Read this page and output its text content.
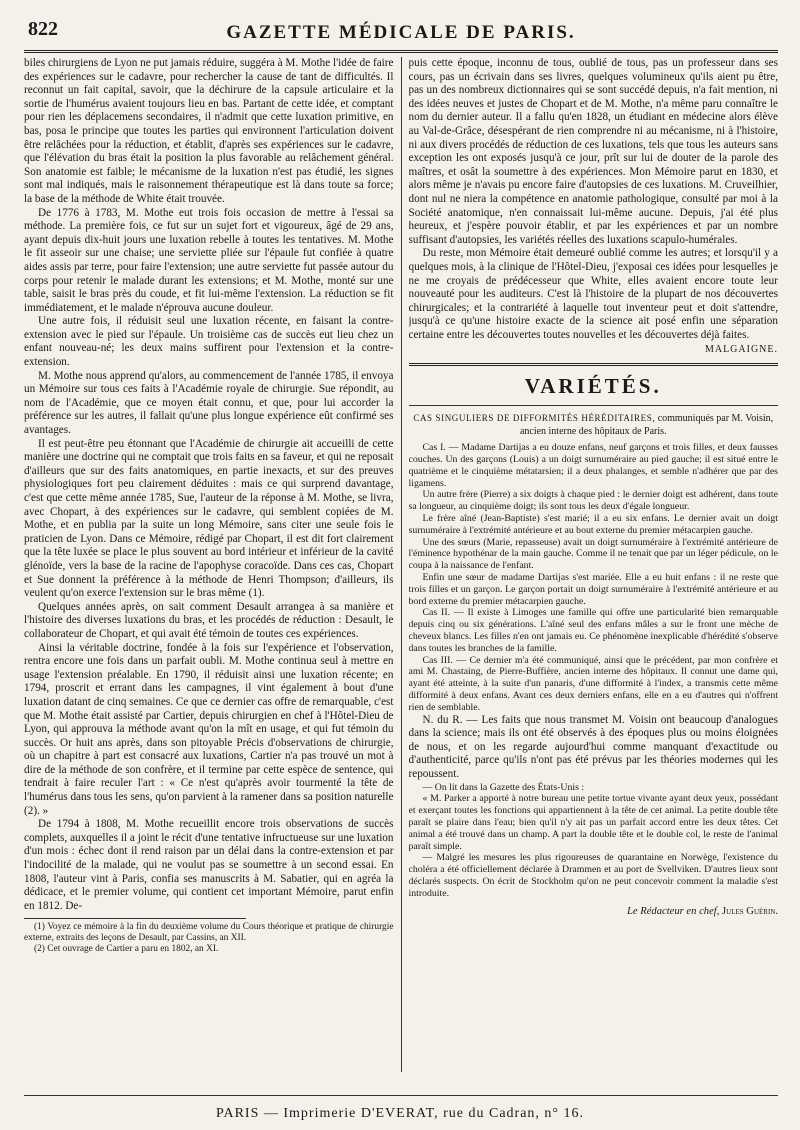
822	GAZETTE MÉDICALE DE PARIS.

biles chirurgiens de Lyon ne put jamais réduire, suggéra à M. Mothe l'idée de faire des expériences sur le cadavre, pour rechercher la cause de tant de difficultés. Il reconnut un fait capital, savoir, que la déchirure de la capsule articulaire et la sortie de l'humérus avaient toujours lieu en bas. Partant de cette idée, et comptant pour rien les déplacemens secondaires, il n'admit que cette luxation primitive, en bas, posa le principe que toutes les parties qui environnent l'articulation doivent être relâchées pour la réduction, et établit, d'après ses expériences sur le cadavre, que l'élévation du bras était la position la plus favorable au relâchement général. Son anatomie est faible; le mécanisme de la luxation n'est pas étudié, les signes sont mal indiqués, mais le raisonnement thérapeutique est là dans toute sa force; la base de la méthode de White était trouvée.

De 1776 à 1783, M. Mothe eut trois fois occasion de mettre à l'essai sa méthode. La première fois, ce fut sur un sujet fort et vigoureux, âgé de 29 ans, ayant depuis dix-huit jours une luxation rebelle à toutes les tentatives. M. Mothe le fit asseoir sur une chaise; une serviette pliée sur l'épaule fut confiée à quatre aides assis par terre, pour faire l'extension; une autre serviette fut passée autour du corps pour retenir le malade durant les extensions; et M. Mothe, monté sur une table, saisit le bras près du coude, et fit lui-même l'extension. La réduction se fit immédiatement, et le malade n'éprouva aucune douleur.

Une autre fois, il réduisit seul une luxation récente, en faisant la contre-extension avec le pied sur l'épaule. Un troisième cas de succès eut lieu chez un enfant nouveau-né; les deux mains suffirent pour l'extension et la contre-extension.

M. Mothe nous apprend qu'alors, au commencement de l'année 1785, il envoya un Mémoire sur tous ces faits à l'Académie royale de chirurgie. Sue répondit, au nom de l'Académie, que ce moyen était connu, et que, pour lui accorder la préférence sur les autres, il fallait qu'une plus longue expérience eût confirmé ses avantages.

Il est peut-être peu étonnant que l'Académie de chirurgie ait accueilli de cette manière une doctrine qui ne comptait que trois faits en sa faveur, et qui ne reposait d'ailleurs que sur des faits anatomiques, en partie inexacts, et sur des preuves physiologiques fort peu clairement déduites : mais ce qui surprend davantage, c'est que cette même année 1785, Sue, l'auteur de la réponse à M. Mothe, se livra, avec Chopart, à des expériences sur le cadavre, qui semblent copiées de M. Mothe, et en publia par la suite un long Mémoire, sans citer une seule fois le praticien de Lyon. Dans ce Mémoire, rédigé par Chopart, il est dit fort clairement que la tête luxée se place le plus souvent au bord intérieur et inférieur de la cavité glénoïde, vers la base de la racine de l'apophyse coracoïde. Dans ces cas, Chopart et Sue donnent la préférence à la méthode de Henri Thompson; d'ailleurs, ils veulent qu'on exerce l'extension sur le bras même (1).

Quelques années après, on sait comment Desault arrangea à sa manière et l'histoire des diverses luxations du bras, et les procédés de réduction : Desault, le collaborateur de Chopart, et qui avait été témoin de toutes ces expériences.

Ainsi la véritable doctrine, fondée à la fois sur l'expérience et l'observation, rentra encore une fois dans un parfait oubli. M. Mothe continua seul à mettre en usage l'extension préalable. En 1790, il réduisit ainsi une luxation récente; en 1794, proscrit et errant dans les campagnes, il vint également à bout d'une luxation datant de cinq semaines. Ce que ce dernier cas offre de remarquable, c'est que M. Mothe était assisté par Cartier, depuis chirurgien en chef à l'Hôtel-Dieu de Lyon, qui approuva la méthode avant qu'on la mît en usage, et qui fut témoin du succès. Or huit ans après, dans son pitoyable Précis d'observations de chirurgie, où un chapitre à part est consacré aux luxations, Cartier n'a pas trouvé un mot à dire de la méthode de son confrère, et il termine par cette espèce de sentence, qui tendrait à faire reculer l'art : « Ce n'est qu'après avoir tourmenté la tête de l'humérus dans tous les sens, qu'on parvient à la ramener dans sa position naturelle (2). »

De 1794 à 1808, M. Mothe recueillit encore trois observations de succès complets, auxquelles il a joint le récit d'une tentative infructueuse sur une luxation d'un mois : échec dont il rend raison par un délai dans la contre-extension et par l'indocilité de la malade, qui ne voulut pas se soumettre à un second essai. En 1808, l'auteur vint à Paris, confia ses manuscrits à M. Sabatier, qui en agréa la dédicace, et le premier volume, qui contient cet important Mémoire, parut enfin en 1812. De-

(1) Voyez ce mémoire à la fin du deuxième volume du Cours théorique et pratique de chirurgie externe, extraits des leçons de Desault, par Cassins, an XII.

(2) Cet ouvrage de Cartier a paru en 1802, an XI.

puis cette époque, inconnu de tous, oublié de tous, pas un professeur dans ses cours, pas un écrivain dans ses livres, quelques volumineux qu'ils aient pu être, pas un des nombreux dictionnaires qui se sont succédé depuis, n'a fait mention, ni des idées neuves et justes de Chopart et de M. Mothe, n'a même paru connaître le nom du dernier auteur. Il a fallu qu'en 1828, un étudiant en médecine alors élève au Val-de-Grâce, désespérant de rien comprendre ni au mécanisme, ni à l'histoire, ni aux divers procédés de réduction de ces luxations, tels que tous les auteurs sans exception les ont exposés jusqu'à ce jour, prît sur lui de douter de la parole des maîtres, et osât la soumettre à des expériences. Mon Mémoire parut en 1830, et alors même je n'avais pu encore faire d'autopsies de ces luxations. M. Cruveilhier, dont nul ne niera la compétence en anatomie pathologique, consulté par moi à la Société anatomique, n'en connaissait lui-même aucune. Depuis, j'ai été plus heureux, et j'espère pouvoir établir, et par les expériences et par un nombre suffisant d'autopsies, les variétés réelles des luxations scapulo-humérales.

Du reste, mon Mémoire était demeuré oublié comme les autres; et lorsqu'il y a quelques mois, à la clinique de l'Hôtel-Dieu, j'exposai ces idées pour lesquelles je ne me croyais de prédécesseur que White, elles avaient encore toute leur nouveauté pour les auditeurs. C'est là l'histoire de la plupart de nos découvertes chirurgicales; et la contrariété à laquelle tout inventeur peut et doit s'attendre, jusqu'à ce qu'une histoire exacte de la science ait posé enfin une séparation certaine entre les découvertes toutes nouvelles et les découvertes déjà faites.

MALGAIGNE.
VARIÉTÉS.
CAS SINGULIERS DE DIFFORMITÉS HÉRÉDITAIRES, communiqués par M. Voisin, ancien interne des hôpitaux de Paris.

Cas I. — Madame Dartijas a eu douze enfans, neuf garçons et trois filles, et deux fausses couches. Un des garçons (Louis) a un doigt surnuméraire au pied gauche; il est situé entre le quatrième et le cinquième métatarsien; il a deux phalanges, et semble n'adhérer que par des ligamens.

Un autre frère (Pierre) a six doigts à chaque pied : le dernier doigt est adhérent, dans toute sa longueur, au cinquième doigt; ils sont tous les deux d'égale longueur.

Le frère aîné (Jean-Baptiste) s'est marié; il a eu six enfans. Le dernier avait un doigt surnuméraire à l'extrémité antérieure et au bout externe du premier métacarpien gauche.

Une des sœurs (Marie, repasseuse) avait un doigt surnuméraire à l'extrémité antérieure de l'éminence hypothénar de la main gauche. Comme il ne tenait que par un léger pédicule, on le coupa à la naissance de l'enfant.

Enfin une sœur de madame Dartijas s'est mariée. Elle a eu huit enfans : il ne reste que trois filles et un garçon. Le garçon portait un doigt surnuméraire à l'extrémité antérieure et au bord externe du premier métacarpien gauche.

Cas II. — Il existe à Limoges une famille qui offre une particularité bien remarquable depuis cinq ou six générations. L'aîné seul des enfans mâles a sur le front une mèche de cheveux blancs. Les filles n'en ont jamais eu. Ce phénomène inexplicable d'hérédité s'observe dans toutes les branches de la famille.

Cas III. — Ce dernier m'a été communiqué, ainsi que le précédent, par mon confrère et ami M. Chastaing, de Pierre-Buffière, ancien interne des hôpitaux. Il connut une dame qui, ayant été atteinte, à la suite d'un panaris, d'une difformité à l'index, a transmis cette même difformité à deux enfans. Avant ces deux derniers enfans, elle en a eu d'autres qui n'offrent rien de semblable.

N. du R. — Les faits que nous transmet M. Voisin ont beaucoup d'analogues dans la science; mais ils ont été observés à des époques plus ou moins éloignées de nous, et on les regarde aujourd'hui comme manquant d'exactitude ou d'authenticité, parce qu'ils n'ont pas été prévus par les théories modernes qui les repoussent.

— On lit dans la Gazette des États-Unis :

« M. Parker a apporté à notre bureau une petite tortue vivante ayant deux yeux, possédant et exerçant toutes les fonctions qui appartiennent à la tête de cet animal. La petite double tête paraît se plaire dans l'eau; bien qu'il n'y ait pas un parfait accord entre les deux têtes. Cet animal a été trouvé dans un champ. A part la double tête et le double col, le reste de l'animal paraît simple.

— Malgré les mesures les plus rigoureuses de quarantaine en Norwège, l'existence du choléra a été officiellement déclarée à Drammen et au port de Svellviken. D'autres lieux sont déclarés suspects. On écrit de Stockholm qu'on ne peut concevoir comment la maladie s'est introduite.

Le Rédacteur en chef, Jules Guérin.
PARIS — Imprimerie D'EVERAT, rue du Cadran, n° 16.
